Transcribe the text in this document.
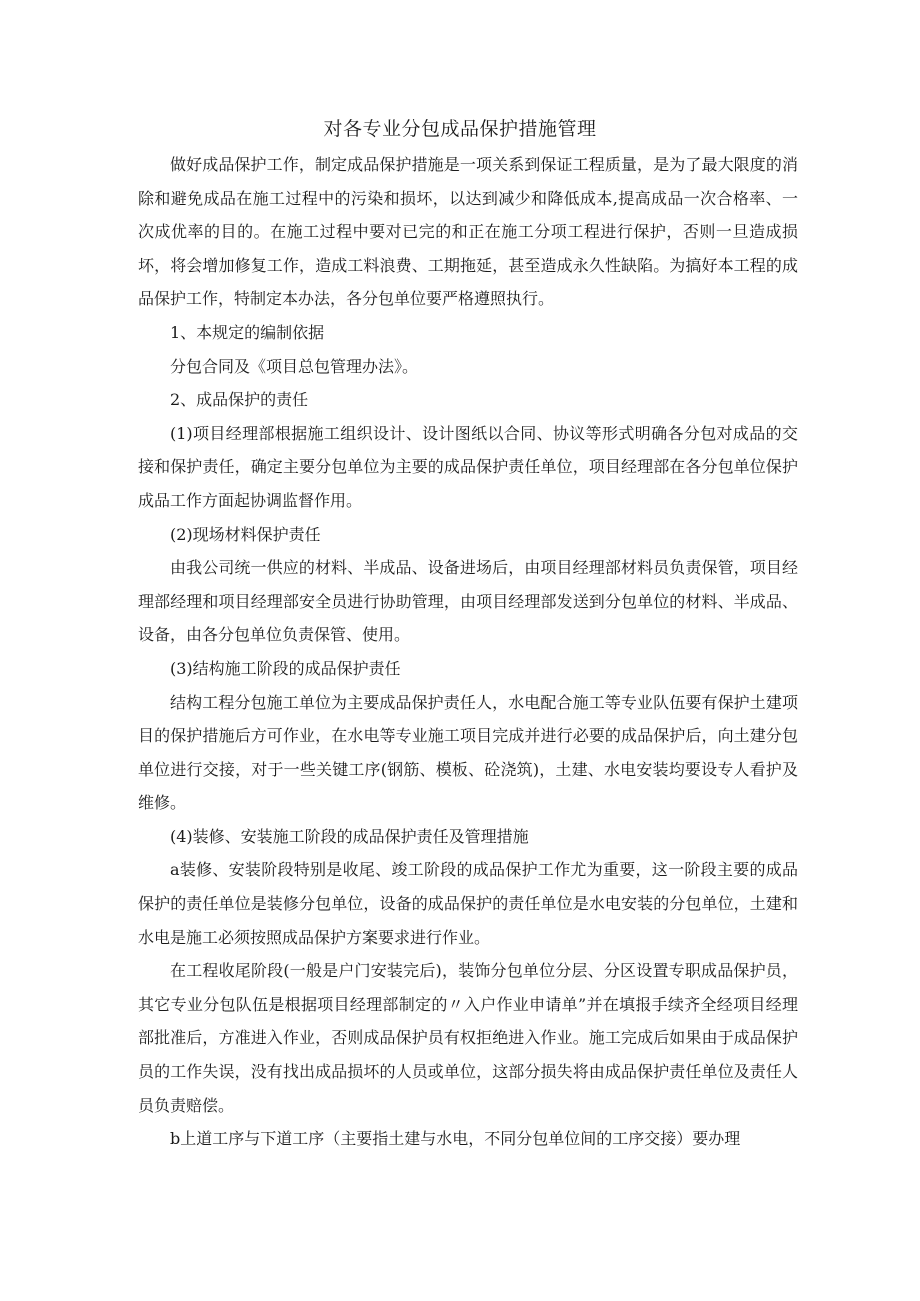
对各专业分包成品保护措施管理

做好成品保护工作，制定成品保护措施是一项关系到保证工程质量，是为了最大限度的消除和避免成品在施工过程中的污染和损坏，以达到减少和降低成本,提高成品一次合格率、一次成优率的目的。在施工过程中要对已完的和正在施工分项工程进行保护，否则一旦造成损坏，将会增加修复工作，造成工料浪费、工期拖延，甚至造成永久性缺陷。为搞好本工程的成品保护工作，特制定本办法，各分包单位要严格遵照执行。

1、本规定的编制依据

分包合同及《项目总包管理办法》。

2、成品保护的责任

(1)项目经理部根据施工组织设计、设计图纸以合同、协议等形式明确各分包对成品的交接和保护责任，确定主要分包单位为主要的成品保护责任单位，项目经理部在各分包单位保护成品工作方面起协调监督作用。

(2)现场材料保护责任

由我公司统一供应的材料、半成品、设备进场后，由项目经理部材料员负责保管，项目经理部经理和项目经理部安全员进行协助管理，由项目经理部发送到分包单位的材料、半成品、设备，由各分包单位负责保管、使用。

(3)结构施工阶段的成品保护责任

结构工程分包施工单位为主要成品保护责任人，水电配合施工等专业队伍要有保护土建项目的保护措施后方可作业，在水电等专业施工项目完成并进行必要的成品保护后，向土建分包单位进行交接，对于一些关键工序(钢筋、模板、砼浇筑)，土建、水电安装均要设专人看护及维修。

(4)装修、安装施工阶段的成品保护责任及管理措施

a装修、安装阶段特别是收尾、竣工阶段的成品保护工作尤为重要，这一阶段主要的成品保护的责任单位是装修分包单位，设备的成品保护的责任单位是水电安装的分包单位，土建和水电是施工必须按照成品保护方案要求进行作业。

在工程收尾阶段(一般是户门安装完后)，装饰分包单位分层、分区设置专职成品保护员，其它专业分包队伍是根据项目经理部制定的〃入户作业申请单”并在填报手续齐全经项目经理部批准后，方准进入作业，否则成品保护员有权拒绝进入作业。施工完成后如果由于成品保护员的工作失误，没有找出成品损坏的人员或单位，这部分损失将由成品保护责任单位及责任人员负责赔偿。

b上道工序与下道工序（主要指土建与水电，不同分包单位间的工序交接）要办理
